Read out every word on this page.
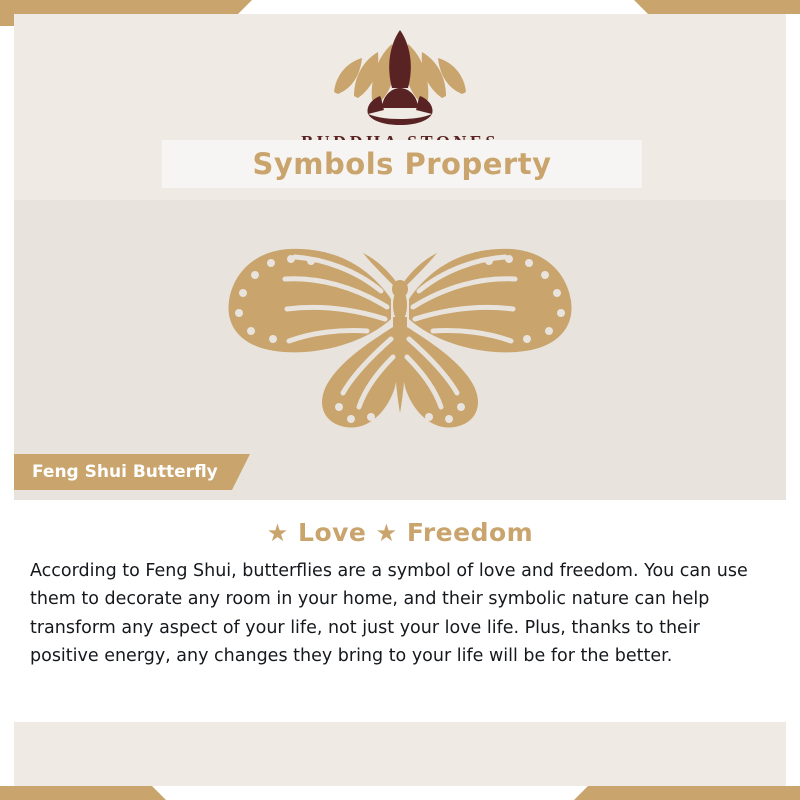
Symbols Property
Feng Shui Butterfly
★ Love ★ Freedom

According to Feng Shui, butterflies are a symbol of love and freedom. You can use them to decorate any room in your home, and their symbolic nature can help transform any aspect of your life, not just your love life. Plus, thanks to their positive energy, any changes they bring to your life will be for the better.
